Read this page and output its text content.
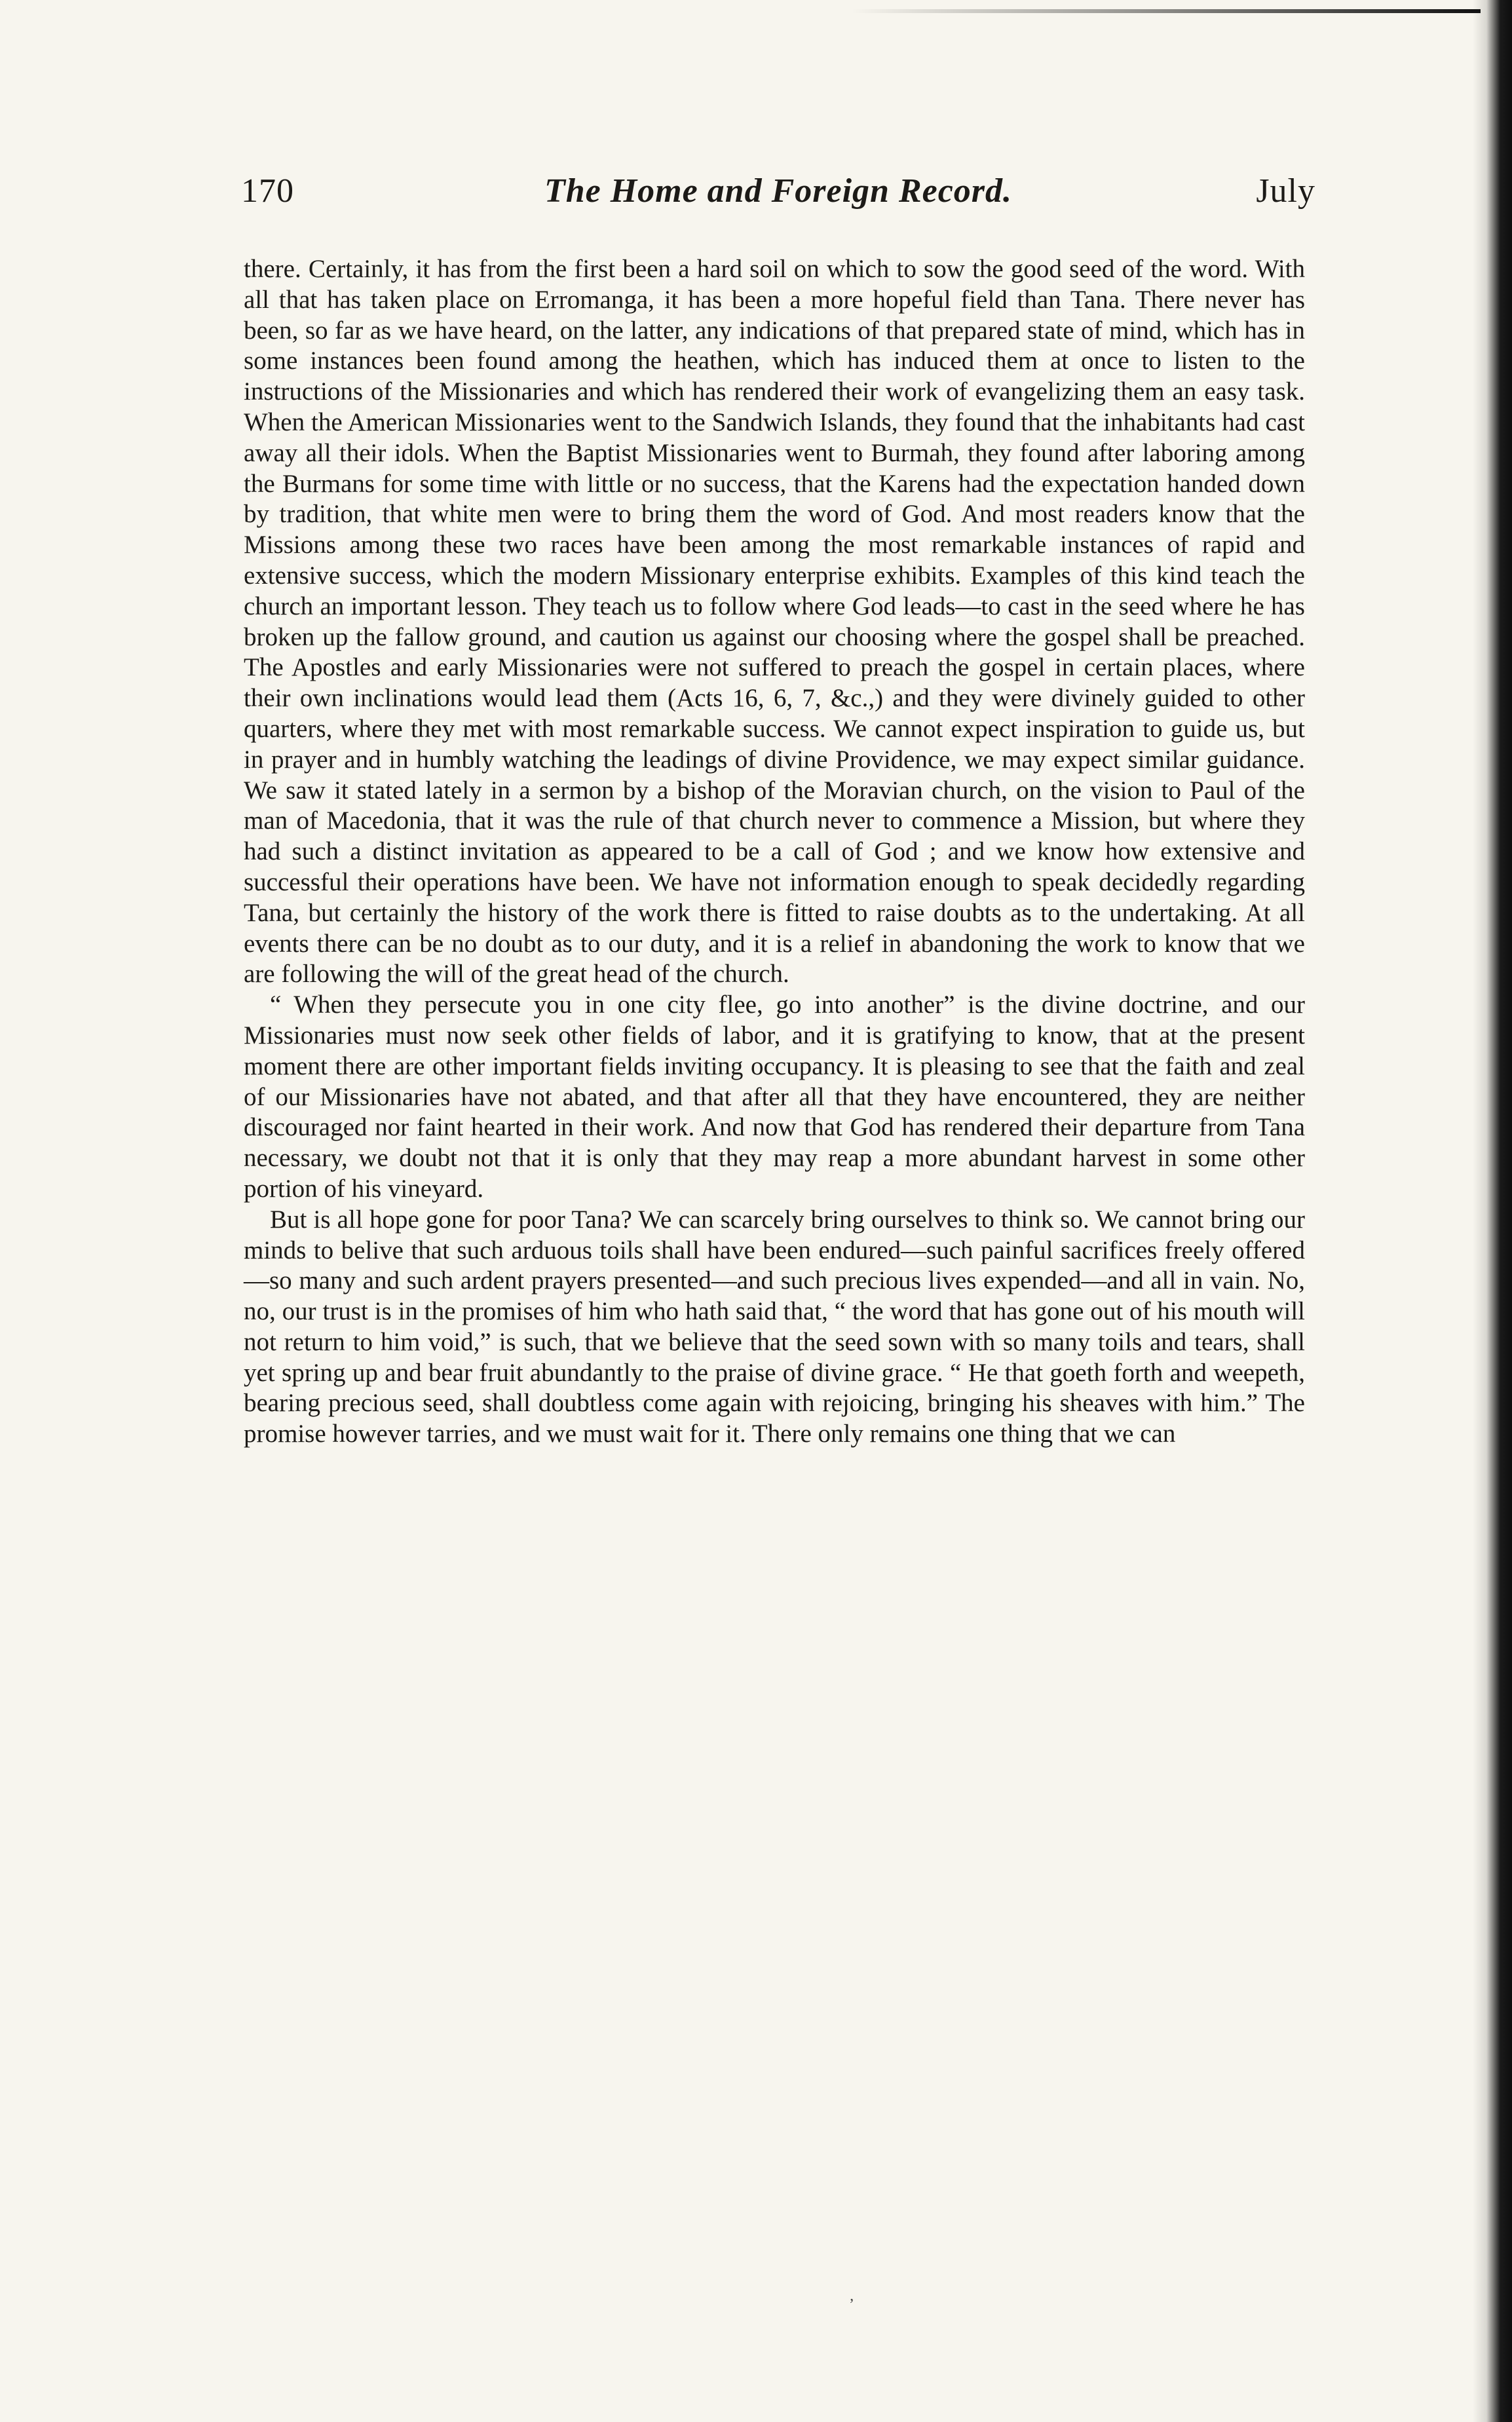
170	The Home and Foreign Record.	July

there. Certainly, it has from the first been a hard soil on which to sow the good seed of the word. With all that has taken place on Erromanga, it has been a more hopeful field than Tana. There never has been, so far as we have heard, on the latter, any indications of that prepared state of mind, which has in some instances been found among the heathen, which has induced them at once to listen to the instructions of the Missionaries and which has rendered their work of evangelizing them an easy task. When the American Missionaries went to the Sandwich Islands, they found that the inhabitants had cast away all their idols. When the Baptist Missionaries went to Burmah, they found after laboring among the Burmans for some time with little or no success, that the Karens had the expectation handed down by tradition, that white men were to bring them the word of God. And most readers know that the Missions among these two races have been among the most remarkable instances of rapid and extensive success, which the modern Missionary enterprise exhibits. Examples of this kind teach the church an important lesson. They teach us to follow where God leads—to cast in the seed where he has broken up the fallow ground, and caution us against our choosing where the gospel shall be preached. The Apostles and early Missionaries were not suffered to preach the gospel in certain places, where their own inclinations would lead them (Acts 16, 6, 7, &c.,) and they were divinely guided to other quarters, where they met with most remarkable success. We cannot expect inspiration to guide us, but in prayer and in humbly watching the leadings of divine Providence, we may expect similar guidance. We saw it stated lately in a sermon by a bishop of the Moravian church, on the vision to Paul of the man of Macedonia, that it was the rule of that church never to commence a Mission, but where they had such a distinct invitation as appeared to be a call of God ; and we know how extensive and successful their operations have been. We have not information enough to speak decidedly regarding Tana, but certainly the history of the work there is fitted to raise doubts as to the undertaking. At all events there can be no doubt as to our duty, and it is a relief in abandoning the work to know that we are following the will of the great head of the church.

“ When they persecute you in one city flee, go into another” is the divine doctrine, and our Missionaries must now seek other fields of labor, and it is gratifying to know, that at the present moment there are other important fields inviting occupancy. It is pleasing to see that the faith and zeal of our Missionaries have not abated, and that after all that they have encountered, they are neither discouraged nor faint hearted in their work. And now that God has rendered their departure from Tana necessary, we doubt not that it is only that they may reap a more abundant harvest in some other portion of his vineyard.

But is all hope gone for poor Tana? We can scarcely bring ourselves to think so. We cannot bring our minds to belive that such arduous toils shall have been endured—such painful sacrifices freely offered—so many and such ardent prayers presented—and such precious lives expended—and all in vain. No, no, our trust is in the promises of him who hath said that, “ the word that has gone out of his mouth will not return to him void,” is such, that we believe that the seed sown with so many toils and tears, shall yet spring up and bear fruit abundantly to the praise of divine grace. “ He that goeth forth and weepeth, bearing precious seed, shall doubtless come again with rejoicing, bringing his sheaves with him.” The promise however tarries, and we must wait for it. There only remains one thing that we can

’
